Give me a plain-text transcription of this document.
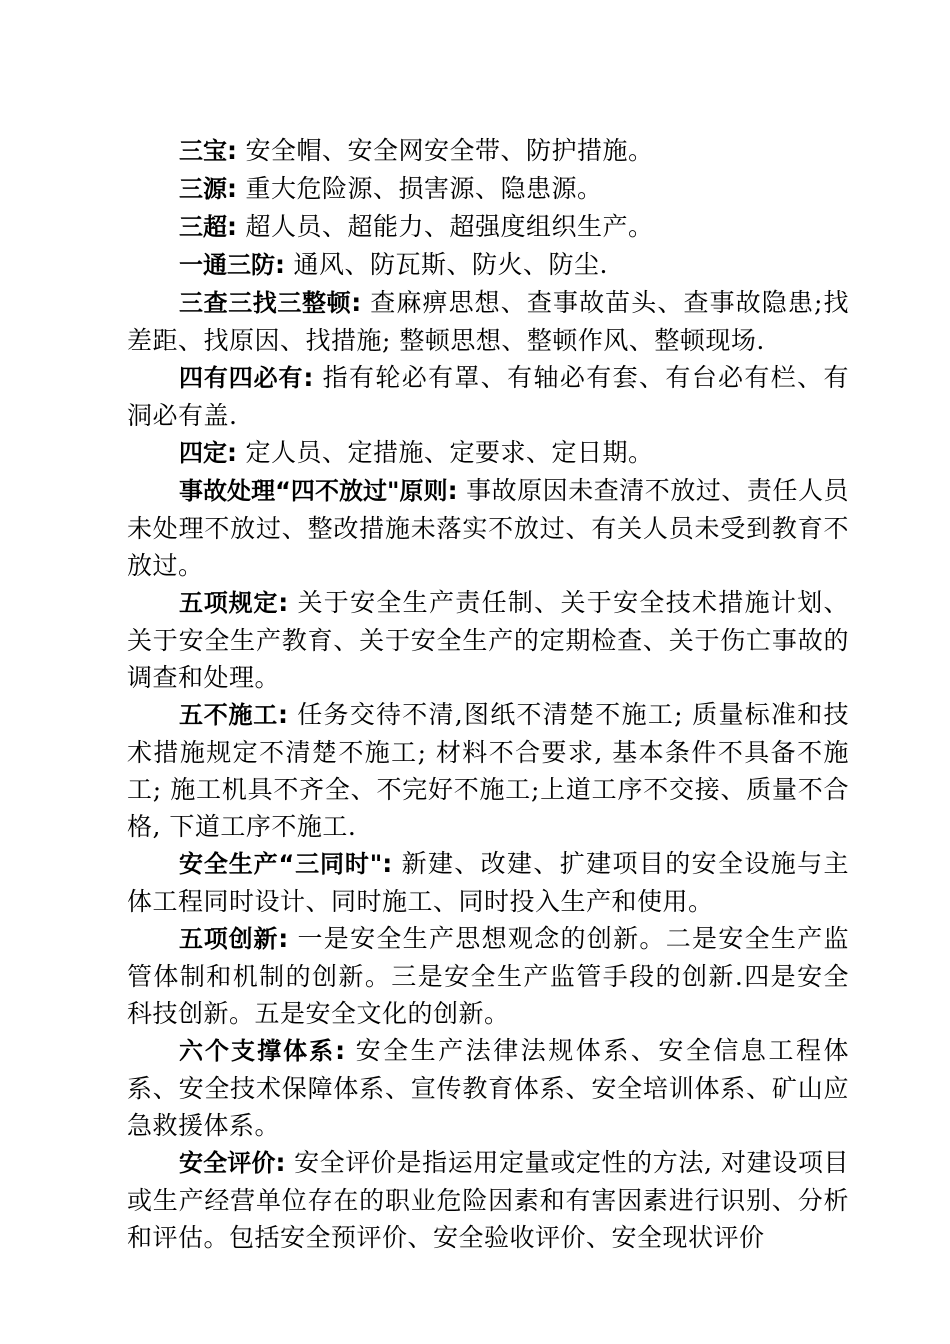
三宝: 安全帽、安全网安全带、防护措施。

三源: 重大危险源、损害源、隐患源。

三超: 超人员、超能力、超强度组织生产。

一通三防: 通风、防瓦斯、防火、防尘.

三查三找三整顿: 查麻痹思想、查事故苗头、查事故隐患;找差距、找原因、找措施; 整顿思想、整顿作风、整顿现场.

四有四必有: 指有轮必有罩、有轴必有套、有台必有栏、有洞必有盖.

四定: 定人员、定措施、定要求、定日期。

事故处理“四不放过"原则: 事故原因未查清不放过、责任人员未处理不放过、整改措施未落实不放过、有关人员未受到教育不放过。

五项规定: 关于安全生产责任制、关于安全技术措施计划、关于安全生产教育、关于安全生产的定期检查、关于伤亡事故的调查和处理。

五不施工: 任务交待不清,图纸不清楚不施工; 质量标准和技术措施规定不清楚不施工; 材料不合要求, 基本条件不具备不施工; 施工机具不齐全、不完好不施工;上道工序不交接、质量不合格, 下道工序不施工.

安全生产“三同时": 新建、改建、扩建项目的安全设施与主体工程同时设计、同时施工、同时投入生产和使用。

五项创新: 一是安全生产思想观念的创新。二是安全生产监管体制和机制的创新。三是安全生产监管手段的创新.四是安全科技创新。五是安全文化的创新。

六个支撑体系: 安全生产法律法规体系、安全信息工程体系、安全技术保障体系、宣传教育体系、安全培训体系、矿山应急救援体系。

安全评价: 安全评价是指运用定量或定性的方法, 对建设项目或生产经营单位存在的职业危险因素和有害因素进行识别、分析和评估。包括安全预评价、安全验收评价、安全现状评价
